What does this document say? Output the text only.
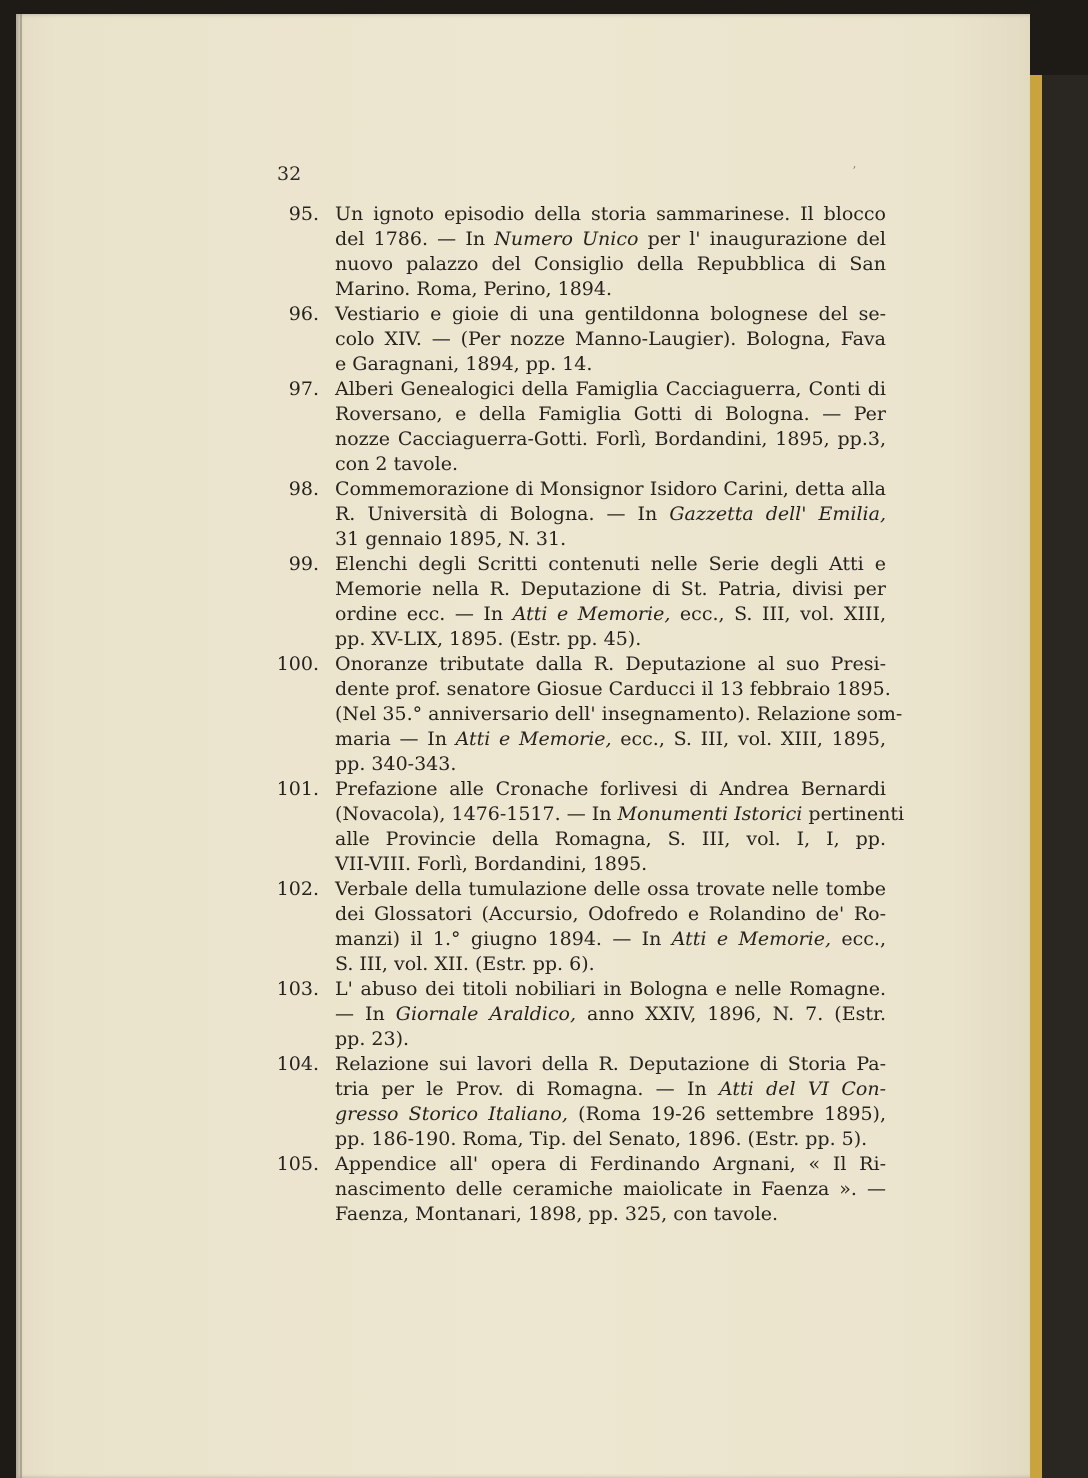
32	ʼ
95. Un ignoto episodio della storia sammarinese. Il blocco
del 1786. — In Numero Unico per l' inaugurazione del
nuovo palazzo del Consiglio della Repubblica di San
Marino. Roma, Perino, 1894.
96. Vestiario e gioie di una gentildonna bolognese del se-
colo XIV. — (Per nozze Manno-Laugier). Bologna, Fava
e Garagnani, 1894, pp. 14.
97. Alberi Genealogici della Famiglia Cacciaguerra, Conti di
Roversano, e della Famiglia Gotti di Bologna. — Per
nozze Cacciaguerra-Gotti. Forlì, Bordandini, 1895, pp.3,
con 2 tavole.
98. Commemorazione di Monsignor Isidoro Carini, detta alla
R. Università di Bologna. — In Gazzetta dell' Emilia,
31 gennaio 1895, N. 31.
99. Elenchi degli Scritti contenuti nelle Serie degli Atti e
Memorie nella R. Deputazione di St. Patria, divisi per
ordine ecc. — In Atti e Memorie, ecc., S. III, vol. XIII,
pp. XV-LIX, 1895. (Estr. pp. 45).
100. Onoranze tributate dalla R. Deputazione al suo Presi-
dente prof. senatore Giosue Carducci il 13 febbraio 1895.
(Nel 35.° anniversario dell' insegnamento). Relazione som-
maria — In Atti e Memorie, ecc., S. III, vol. XIII, 1895,
pp. 340-343.
101. Prefazione alle Cronache forlivesi di Andrea Bernardi
(Novacola), 1476-1517. — In Monumenti Istorici pertinenti
alle Provincie della Romagna, S. III, vol. I, I, pp.
VII-VIII. Forlì, Bordandini, 1895.
102. Verbale della tumulazione delle ossa trovate nelle tombe
dei Glossatori (Accursio, Odofredo e Rolandino de' Ro-
manzi) il 1.° giugno 1894. — In Atti e Memorie, ecc.,
S. III, vol. XII. (Estr. pp. 6).
103. L' abuso dei titoli nobiliari in Bologna e nelle Romagne.
— In Giornale Araldico, anno XXIV, 1896, N. 7. (Estr.
pp. 23).
104. Relazione sui lavori della R. Deputazione di Storia Pa-
tria per le Prov. di Romagna. — In Atti del VI Con-
gresso Storico Italiano, (Roma 19-26 settembre 1895),
pp. 186-190. Roma, Tip. del Senato, 1896. (Estr. pp. 5).
105. Appendice all' opera di Ferdinando Argnani, « Il Ri-
nascimento delle ceramiche maiolicate in Faenza ». —
Faenza, Montanari, 1898, pp. 325, con tavole.
